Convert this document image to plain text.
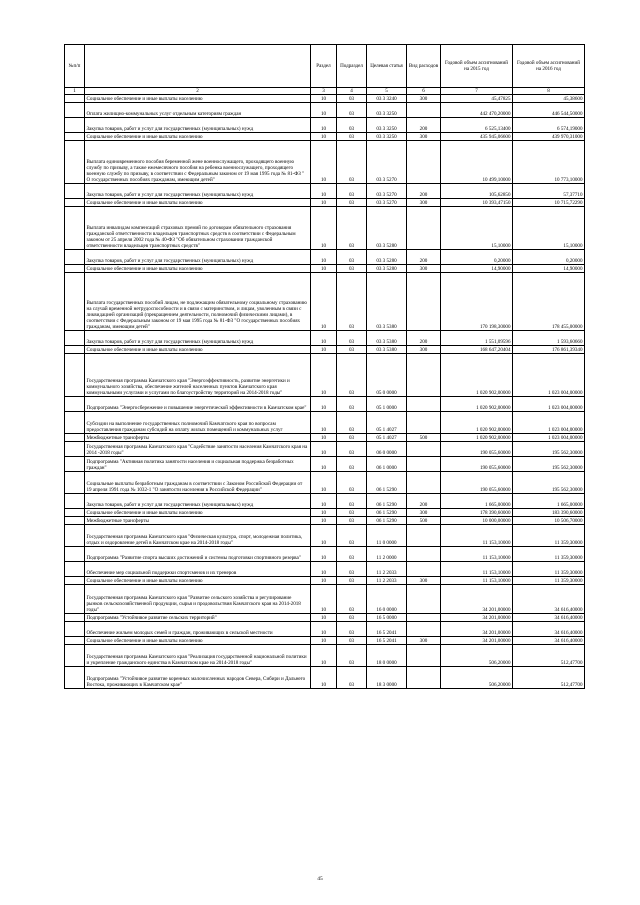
№п/п		Раздел	Подраздел	Целевая статья	Вид расходов	Годовой объем ассигнований на 2015 год	Годовой объем ассигнований на 2016 год
1	2	3	4	5	6	7	8
	Социальное обеспечение и иные выплаты населению	10	03	03 3 3240	300	45,47825	45,38600
	Оплата жилищно-коммунальных услуг отдельным категориям граждан	10	03	03 3 3250		442 470,20000	446 544,50000
	Закупка товаров, работ и услуг для государственных (муниципальных) нужд	10	03	03 3 3250	200	6 525,13400	6 574,19000
	Социальное обеспечение и иные выплаты населению	10	03	03 3 3250	300	435 945,06600	439 970,31000
	Выплата единовременного пособия беременной жене военнослужащего, проходящего военную службу по призыву, а также ежемесячного пособия на ребенка военнослужащего, проходящего военную службу по призыву, в соответствии с Федеральным законом от 19 мая 1995 года № 81-ФЗ " О государственных пособиях гражданам, имеющим детей"	10	03	03 3 5270		10 499,10000	10 773,10000
	Закупка товаров, работ и услуг для государственных (муниципальных) нужд	10	03	03 3 5270	200	105,62850	57,37710
	Социальное обеспечение и иные выплаты населению	10	03	03 3 5270	300	10 393,47150	10 715,72290
	Выплата инвалидам компенсаций страховых премий по договорам обязательного страхования гражданской ответственности владельцев транспортных средств в соответствии с Федеральным законом от 25 апреля 2002 года № 40-ФЗ "Об обязательном страховании гражданской ответственности владельцев транспортных средств"	10	03	03 3 5280		15,10000	15,10000
	Закупка товаров, работ и услуг для государственных (муниципальных) нужд	10	03	03 3 5280	200	0,20000	0,20000
	Социальное обеспечение и иные выплаты населению	10	03	03 3 5280	300	14,90000	14,90000
	Выплата государственных пособий лицам, не подлежащим обязательному социальному страхованию на случай временной нетрудоспособности и в связи с материнством, и лицам, уволенным в связи с ликвидацией организаций (прекращением деятельности, полномочий физическими лицами), в соответствии с Федеральным законом от 19 мая 1995 года № 81-ФЗ "О государственных пособиях гражданам, имеющим детей"	10	03	03 3 5380		170 198,30000	178 455,00000
	Закупка товаров, работ и услуг для государственных (муниципальных) нужд	10	03	03 3 5380	200	1 551,09596	1 593,60660
	Социальное обеспечение и иные выплаты населению	10	03	03 3 5380	300	168 647,20404	176 861,39340
	Государственная программа Камчатского края "Энергоэффективность, развитие энергетики и коммунального хозяйства, обеспечение жителей населенных пунктов Камчатского края коммунальными услугами и услугами по благоустройству территорий на 2014-2018 годы"	10	03	05 0 0000		1 020 902,00000	1 023 004,00000
	Подпрограмма "Энергосбережение и повышение энергетической эффективности в Камчатском крае"	10	03	05 1 0000		1 020 902,00000	1 023 004,00000
	Субсидии на выполнение государственных полномочий Камчатского края по вопросам предоставления гражданам субсидий на оплату жилых помещений и коммунальных услуг	10	03	05 1 4027		1 020 902,00000	1 023 004,00000
	Межбюджетные трансферты	10	03	05 1 4027	500	1 020 902,00000	1 023 004,00000
	Государственная программа Камчатского края "Содействие занятости населения Камчатского края на 2014 -2018 годы"	10	03	06 0 0000		190 055,60000	195 562,30000
	Подпрограмма "Активная политика занятости населения и социальная поддержка безработных граждан"	10	03	06 1 0000		190 055,60000	195 562,30000
	Социальные выплаты безработным гражданам в соответствии с Законом Российской Федерации от 19 апреля 1991 года № 1032-1 "О занятости населения в Российской Федерации"	10	03	06 1 5290		190 055,60000	195 562,30000
	Закупка товаров, работ и услуг для государственных (муниципальных) нужд	10	03	06 1 5290	200	1 665,00000	1 665,00000
	Социальное обеспечение и иные выплаты населению	10	03	06 1 5290	300	178 390,60000	183 390,60000
	Межбюджетные трансферты	10	03	06 1 5290	500	10 000,00000	10 506,70000
	Государственная программа Камчатского края "Физическая культура, спорт, молодежная политика, отдых и оздоровление детей в Камчатском крае на 2014-2018 годы"	10	03	11 0 0000		11 153,10000	11 359,30000
	Подпрограмма "Развитие спорта высших достижений и системы подготовки спортивного резерва"	10	03	11 2 0000		11 153,10000	11 359,30000
	Обеспечение мер социальной поддержки спортсменов и их тренеров	10	03	11 2 2033		11 153,10000	11 359,30000
	Социальное обеспечение и иные выплаты населению	10	03	11 2 2033	300	11 153,10000	11 359,30000
	Государственная программа Камчатского края "Развитие сельского хозяйства и регулирование рынков сельскохозяйственной продукции, сырья и продовольствия Камчатского края на 2014-2018 годы"	10	03	16 0 0000		34 201,00000	34 616,40000
	Подпрограмма "Устойчивое развитие сельских территорий"	10	03	16 5 0000		34 201,00000	34 616,40000
	Обеспечение жильем молодых семей и граждан, проживающих в сельской местности	10	03	16 5 2041		34 201,00000	34 616,40000
	Социальное обеспечение и иные выплаты населению	10	03	16 5 2041	300	34 201,00000	34 616,40000
	Государственная программа Камчатского края "Реализация государственной национальной политики и укрепление гражданского единства в Камчатском крае на 2014-2018 годы"	10	03	18 0 0000		506,20000	512,47700
	Подпрограмма "Устойчивое развитие коренных малочисленных народов Севера, Сибири и Дальнего Востока, проживающих в Камчатском крае"	10	03	18 3 0000		506,20000	512,47700
45
